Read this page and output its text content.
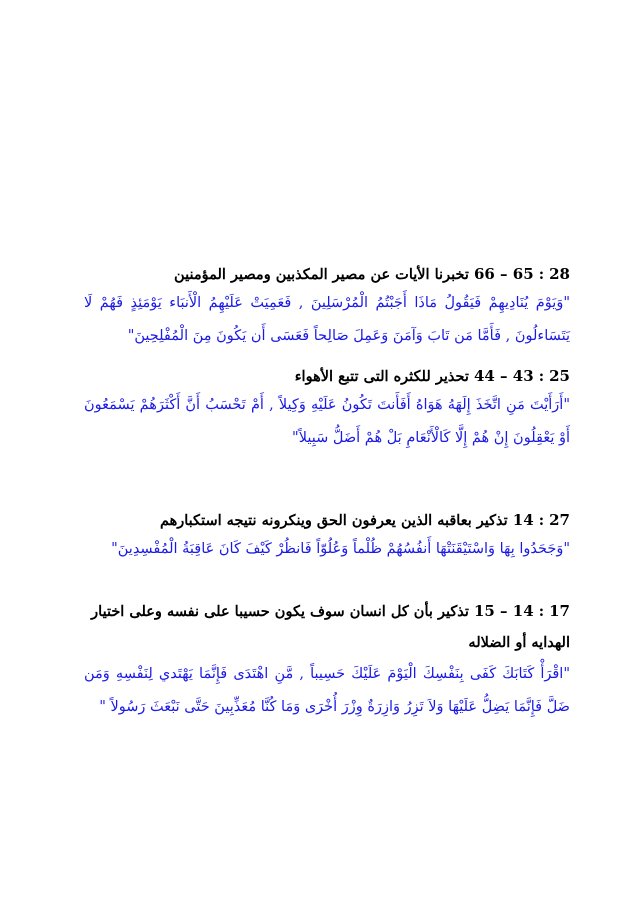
28 : 65 – 66 تخبرنا الأيات عن مصير المكذبين ومصير المؤمنين
"وَيَوْمَ يُنَادِيهِمْ فَيَقُولُ مَاذَا أَجَبْتُمُ الْمُرْسَلِينَ , فَعَمِيَتْ عَلَيْهِمُ الْأَنبَاء يَوْمَئِذٍ فَهُمْ لَا يَتَسَاءلُونَ , فَأَمَّا مَن تَابَ وَآمَنَ وَعَمِلَ صَالِحاً فَعَسَى أَن يَكُونَ مِنَ الْمُفْلِحِينَ"
25 : 43 – 44 تحذير للكثره التى تتبع الأهواء
"أَرَأَيْتَ مَنِ اتَّخَذَ إِلَهَهُ هَوَاهُ أَفَأَنتَ تَكُونُ عَلَيْهِ وَكِيلاً , أَمْ تَحْسَبُ أَنَّ أَكْثَرَهُمْ يَسْمَعُونَ أَوْ يَعْقِلُونَ إِنْ هُمْ إِلَّا كَالْأَنْعَامِ بَلْ هُمْ أَضَلُّ سَبِيلاً"
27 : 14 تذكير بعاقبه الذين يعرفون الحق وينكرونه نتيجه استكبارهم
"وَجَحَدُوا بِهَا وَاسْتَيْقَنَتْهَا أَنفُسُهُمْ ظُلْماً وَعُلُوّاً فَانظُرْ كَيْفَ كَانَ عَاقِبَةُ الْمُفْسِدِينَ"
17 : 14 – 15 تذكير بأن كل انسان سوف يكون حسيبا على نفسه وعلى اختيار الهدايه أو الضلاله
"اقْرَأْ كَتَابَكَ كَفَى بِنَفْسِكَ الْيَوْمَ عَلَيْكَ حَسِيباً , مَّنِ اهْتَدَى فَإِنَّمَا يَهْتَدي لِنَفْسِهِ وَمَن ضَلَّ فَإِنَّمَا يَضِلُّ عَلَيْهَا وَلاَ تَزِرُ وَازِرَةٌ وِزْرَ أُخْرَى وَمَا كُنَّا مُعَذِّبِينَ حَتَّى نَبْعَثَ رَسُولاً "
